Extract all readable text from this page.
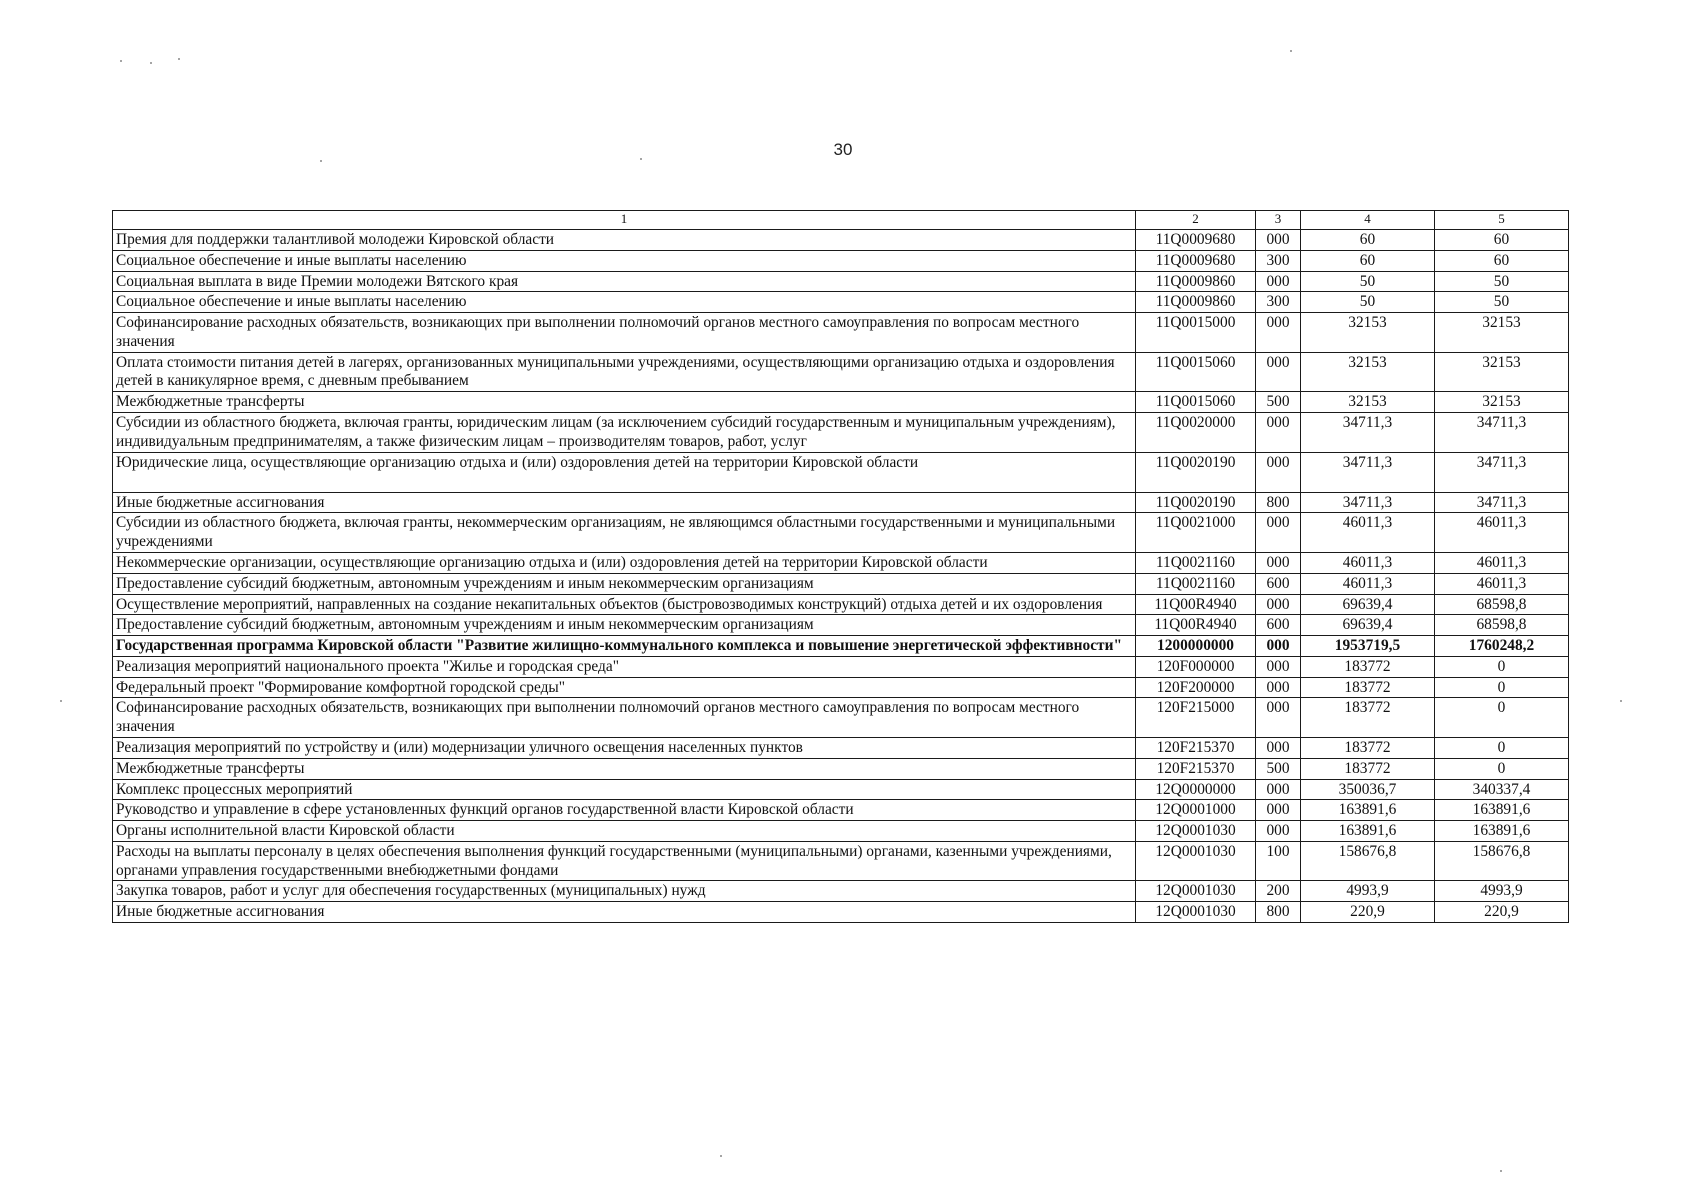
30
1	2	3	4	5
Премия для поддержки талантливой молодежи Кировской области	11Q0009680	000	60	60
Социальное обеспечение и иные выплаты населению	11Q0009680	300	60	60
Социальная выплата в виде Премии молодежи Вятского края	11Q0009860	000	50	50
Социальное обеспечение и иные выплаты населению	11Q0009860	300	50	50
Софинансирование расходных обязательств, возникающих при выполнении полномочий органов местного самоуправления по вопросам местного значения	11Q0015000	000	32153	32153
Оплата стоимости питания детей в лагерях, организованных муниципальными учреждениями, осуществляющими организацию отдыха и оздоровления детей в каникулярное время, с дневным пребыванием	11Q0015060	000	32153	32153
Межбюджетные трансферты	11Q0015060	500	32153	32153
Субсидии из областного бюджета, включая гранты, юридическим лицам (за исключением субсидий государственным и муниципальным учреждениям), индивидуальным предпринимателям, а также физическим лицам – производителям товаров, работ, услуг	11Q0020000	000	34711,3	34711,3
Юридические лица, осуществляющие организацию отдыха и (или) оздоровления детей на территории Кировской области	11Q0020190	000	34711,3	34711,3
Иные бюджетные ассигнования	11Q0020190	800	34711,3	34711,3
Субсидии из областного бюджета, включая гранты, некоммерческим организациям, не являющимся областными государственными и муниципальными учреждениями	11Q0021000	000	46011,3	46011,3
Некоммерческие организации, осуществляющие организацию отдыха и (или) оздоровления детей на территории Кировской области	11Q0021160	000	46011,3	46011,3
Предоставление субсидий бюджетным, автономным учреждениям и иным некоммерческим организациям	11Q0021160	600	46011,3	46011,3
Осуществление мероприятий, направленных на создание некапитальных объектов (быстровозводимых конструкций) отдыха детей и их оздоровления	11Q00R4940	000	69639,4	68598,8
Предоставление субсидий бюджетным, автономным учреждениям и иным некоммерческим организациям	11Q00R4940	600	69639,4	68598,8
Государственная программа Кировской области "Развитие жилищно-коммунального комплекса и повышение энергетической эффективности"	1200000000	000	1953719,5	1760248,2
Реализация мероприятий национального проекта "Жилье и городская среда"	120F000000	000	183772	0
Федеральный проект "Формирование комфортной городской среды"	120F200000	000	183772	0
Софинансирование расходных обязательств, возникающих при выполнении полномочий органов местного самоуправления по вопросам местного значения	120F215000	000	183772	0
Реализация мероприятий по устройству и (или) модернизации уличного освещения населенных пунктов	120F215370	000	183772	0
Межбюджетные трансферты	120F215370	500	183772	0
Комплекс процессных мероприятий	12Q0000000	000	350036,7	340337,4
Руководство и управление в сфере установленных функций органов государственной власти Кировской области	12Q0001000	000	163891,6	163891,6
Органы исполнительной власти Кировской области	12Q0001030	000	163891,6	163891,6
Расходы на выплаты персоналу в целях обеспечения выполнения функций государственными (муниципальными) органами, казенными учреждениями, органами управления государственными внебюджетными фондами	12Q0001030	100	158676,8	158676,8
Закупка товаров, работ и услуг для обеспечения государственных (муниципальных) нужд	12Q0001030	200	4993,9	4993,9
Иные бюджетные ассигнования	12Q0001030	800	220,9	220,9
